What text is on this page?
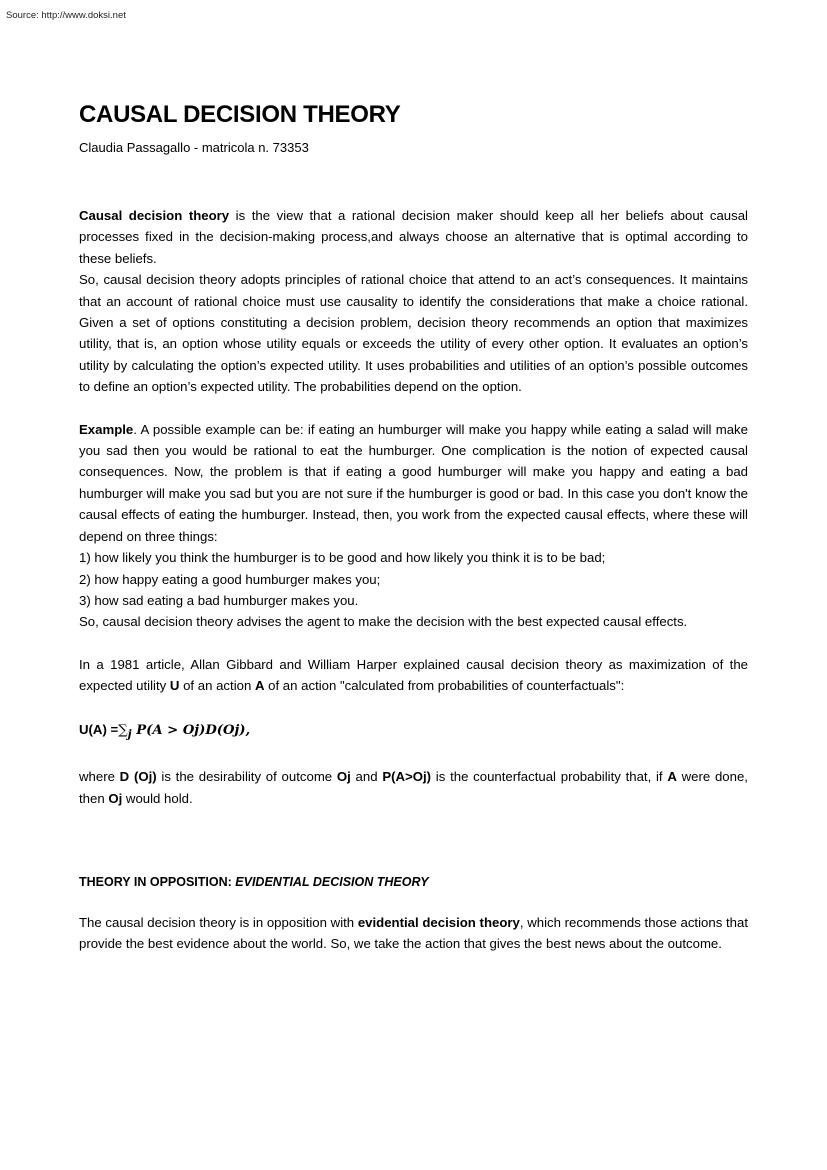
Source: http://www.doksi.net
CAUSAL DECISION THEORY
Claudia Passagallo - matricola n. 73353

Causal decision theory is the view that a rational decision maker should keep all her beliefs about causal processes fixed in the decision-making process,and always choose an alternative that is optimal according to these beliefs.

So, causal decision theory adopts principles of rational choice that attend to an act’s consequences. It maintains that an account of rational choice must use causality to identify the considerations that make a choice rational. Given a set of options constituting a decision problem, decision theory recommends an option that maximizes utility, that is, an option whose utility equals or exceeds the utility of every other option. It evaluates an option’s utility by calculating the option’s expected utility. It uses probabilities and utilities of an option’s possible outcomes to define an option’s expected utility. The probabilities depend on the option.

Example. A possible example can be: if eating an humburger will make you happy while eating a salad will make you sad then you would be rational to eat the humburger. One complication is the notion of expected causal consequences. Now, the problem is that if eating a good humburger will make you happy and eating a bad humburger will make you sad but you are not sure if the humburger is good or bad. In this case you don't know the causal effects of eating the humburger. Instead, then, you work from the expected causal effects, where these will depend on three things:

1) how likely you think the humburger is to be good and how likely you think it is to be bad;

2) how happy eating a good humburger makes you;

3) how sad eating a bad humburger makes you.

So, causal decision theory advises the agent to make the decision with the best expected causal effects.

In a 1981 article, Allan Gibbard and William Harper explained causal decision theory as maximization of the expected utility U of an action A of an action "calculated from probabilities of counterfactuals":

$U(A) =\sum_j$ P(A > Oj)D(Oj),

where D (Oj) is the desirability of outcome Oj and P(A>Oj) is the counterfactual probability that, if A were done, then Oj would hold.

THEORY IN OPPOSITION: EVIDENTIAL DECISION THEORY

The causal decision theory is in opposition with evidential decision theory, which recommends those actions that provide the best evidence about the world. So, we take the action that gives the best news about the outcome.
